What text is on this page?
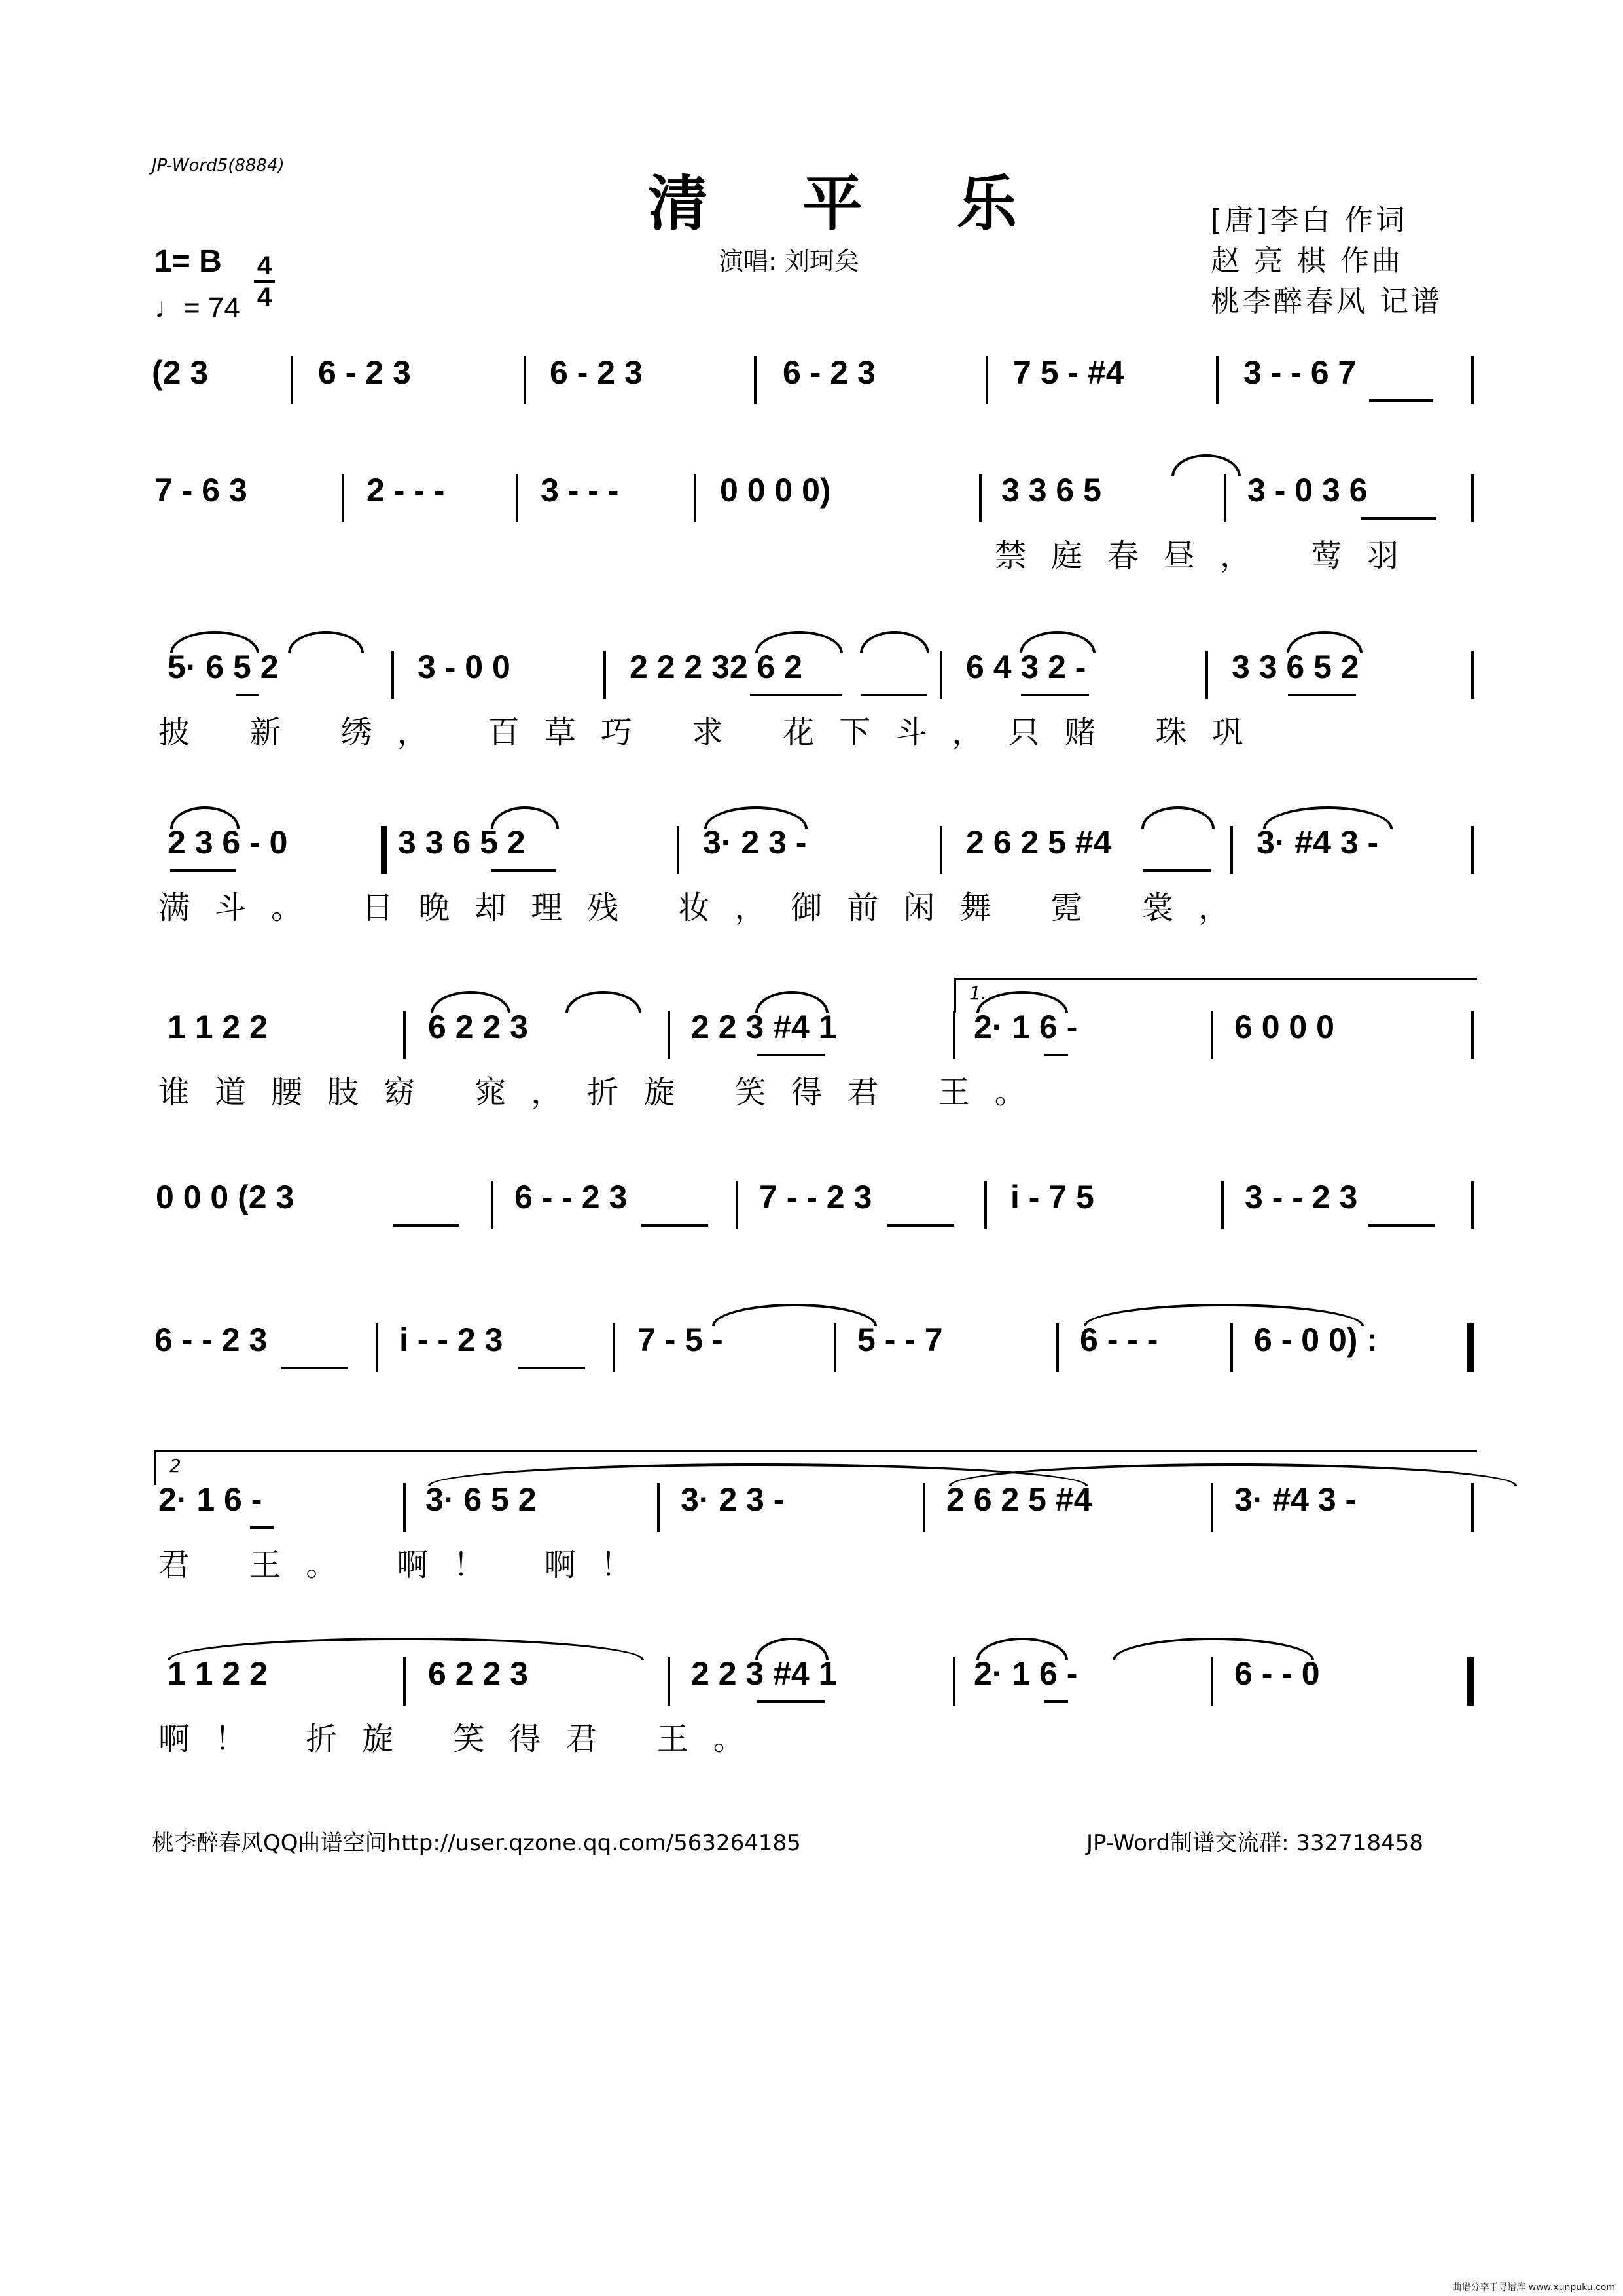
JP-Word5(8884)
清 平 乐
演唱: 刘珂矣
[唐]李白 作词
赵 亮 棋 作曲
桃李醉春风 记谱
1= B 4
4
♩= 74
(2 3	6 - 2 3	6 - 2 3	6 - 2 3	7 5 - #4	3 - - 6 7
7 - 6 3	2 - - -	3 - - -	0 0 0 0)	3 3 6 5	3 - 0 3 6
禁庭春昼， 莺羽
5· 6 5 2	3 - 0 0	2 2 2 32 6 2	6 4 3 2 -	3 3 6 5 2
披 新 绣， 百草巧 求 花下斗，只赌 珠巩
2 3 6 - 0	3 3 6 5 2	3· 2 3 -	2 6 2 5 #4	3· #4 3 -
满斗。 日晚却理残 妆，御前闲舞 霓 裳，
1.
1 1 2 2	6 2 2 3	2 2 3 #4 1	2· 1 6 -	6 0 0 0
谁道腰肢窈 窕，折旋 笑得君 王。
0 0 0 (2 3	6 - - 2 3	7 - - 2 3	i - 7 5	3 - - 2 3
6 - - 2 3	i - - 2 3	7 - 5 -	5 - - 7	6 - - -	6 - 0 0) :
2
2· 1 6 -	3· 6 5 2	3· 2 3 -	2 6 2 5 #4	3· #4 3 -
君 王。 啊！ 啊！
1 1 2 2	6 2 2 3	2 2 3 #4 1	2· 1 6 -	6 - - 0
啊！ 折旋 笑得君 王。
桃李醉春风QQ曲谱空间http://user.qzone.qq.com/563264185	JP-Word制谱交流群: 332718458
曲谱分享于寻谱库 www.xunpuku.com
